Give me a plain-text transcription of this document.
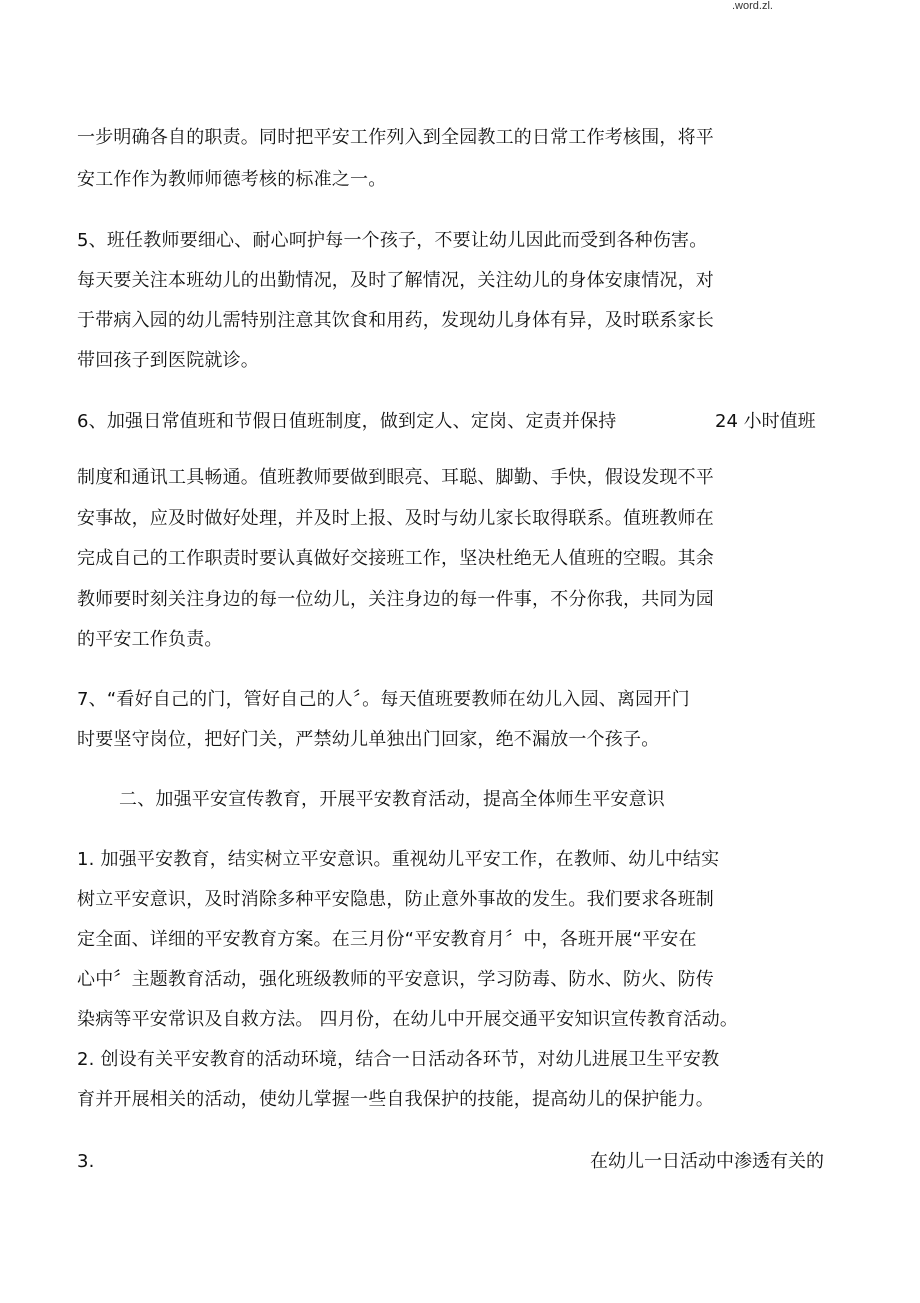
.word.zl.
一步明确各自的职责。同时把平安工作列入到全园教工的日常工作考核围，将平
安工作作为教师师德考核的标准之一。
5、班任教师要细心、耐心呵护每一个孩子，不要让幼儿因此而受到各种伤害。
每天要关注本班幼儿的出勤情况，及时了解情况，关注幼儿的身体安康情况，对
于带病入园的幼儿需特别注意其饮食和用药，发现幼儿身体有异，及时联系家长
带回孩子到医院就诊。
6、加强日常值班和节假日值班制度，做到定人、定岗、定责并保持	24 小时值班
制度和通讯工具畅通。值班教师要做到眼亮、耳聪、脚勤、手快，假设发现不平
安事故，应及时做好处理，并及时上报、及时与幼儿家长取得联系。值班教师在
完成自己的工作职责时要认真做好交接班工作，坚决杜绝无人值班的空暇。其余
教师要时刻关注身边的每一位幼儿，关注身边的每一件事，不分你我，共同为园
的平安工作负责。
7、“看好自己的门，管好自己的人〞。每天值班要教师在幼儿入园、离园开门
时要坚守岗位，把好门关，严禁幼儿单独出门回家，绝不漏放一个孩子。
二、加强平安宣传教育，开展平安教育活动，提高全体师生平安意识
1. 加强平安教育，结实树立平安意识。重视幼儿平安工作，在教师、幼儿中结实
树立平安意识，及时消除多种平安隐患，防止意外事故的发生。我们要求各班制
定全面、详细的平安教育方案。在三月份“平安教育月〞中，各班开展“平安在
心中〞主题教育活动，强化班级教师的平安意识，学习防毒、防水、防火、防传
染病等平安常识及自救方法。 四月份，在幼儿中开展交通平安知识宣传教育活动。
2. 创设有关平安教育的活动环境，结合一日活动各环节，对幼儿进展卫生平安教
育并开展相关的活动，使幼儿掌握一些自我保护的技能，提高幼儿的保护能力。
3.	在幼儿一日活动中渗透有关的
